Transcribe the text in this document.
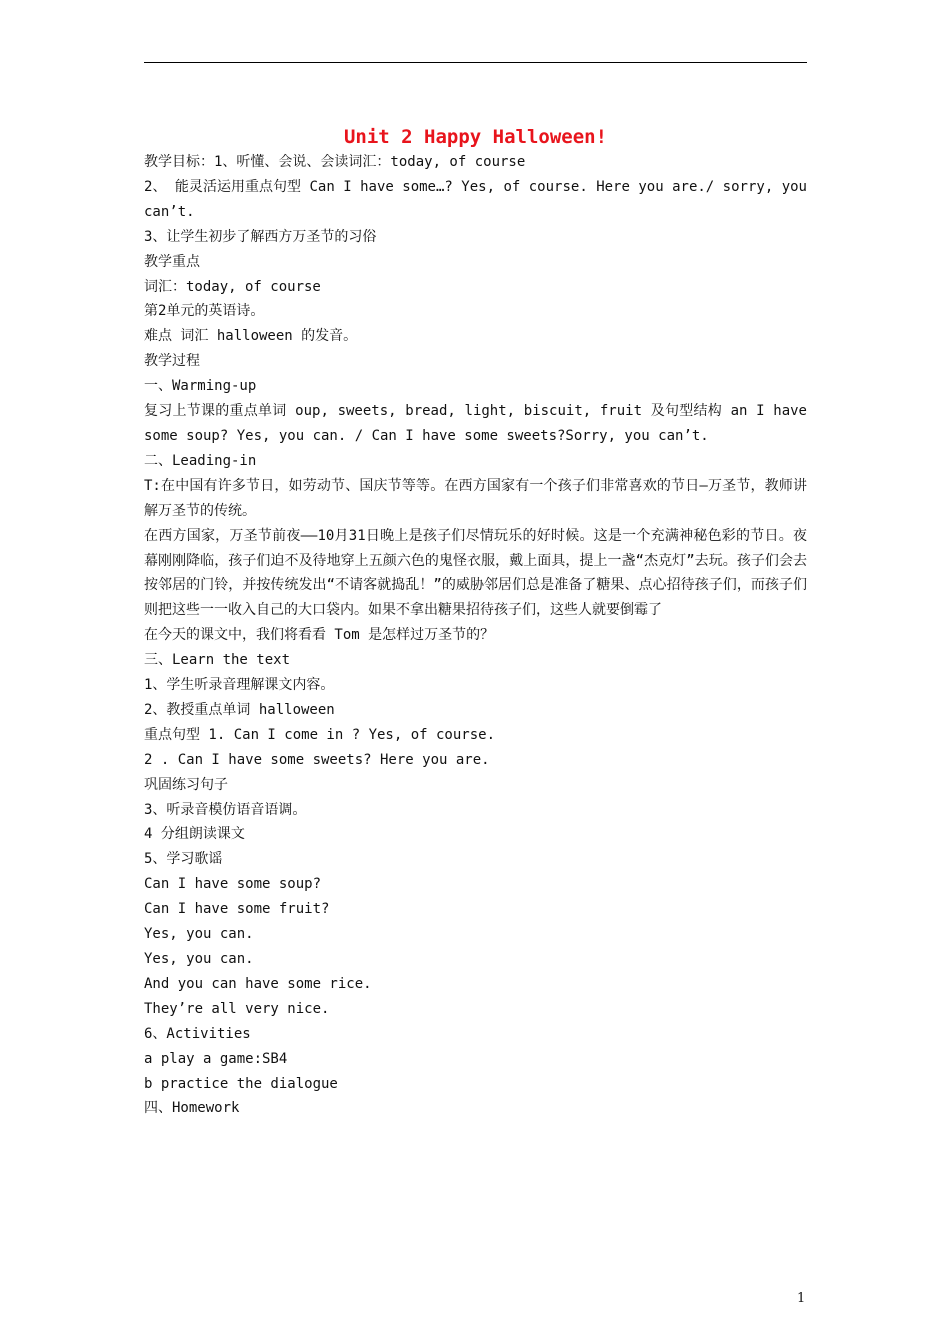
Unit 2 Happy Halloween!
教学目标：1、听懂、会说、会读词汇：today, of course
2、 能灵活运用重点句型 Can I have some…? Yes, of course. Here you are./ sorry, you can’t.
3、让学生初步了解西方万圣节的习俗
教学重点
词汇：today, of course
第2单元的英语诗。
难点 词汇 halloween 的发音。
教学过程
一、Warming-up
复习上节课的重点单词 oup, sweets, bread, light, biscuit, fruit 及句型结构 an I have some soup? Yes, you can. / Can I have some sweets?Sorry, you can’t.
二、Leading-in
T:在中国有许多节日，如劳动节、国庆节等等。在西方国家有一个孩子们非常喜欢的节日—万圣节，教师讲解万圣节的传统。
在西方国家，万圣节前夜——10月31日晚上是孩子们尽情玩乐的好时候。这是一个充满神秘色彩的节日。夜幕刚刚降临，孩子们迫不及待地穿上五颜六色的鬼怪衣服，戴上面具，提上一盏“杰克灯”去玩。孩子们会去按邻居的门铃，并按传统发出“不请客就捣乱！”的威胁邻居们总是准备了糖果、点心招待孩子们，而孩子们则把这些一一收入自己的大口袋内。如果不拿出糖果招待孩子们，这些人就要倒霉了
在今天的课文中，我们将看看 Tom 是怎样过万圣节的？
三、Learn the text
1、学生听录音理解课文内容。
2、教授重点单词 halloween
重点句型 1. Can I come in ? Yes, of course.
2 . Can I have some sweets? Here you are.
巩固练习句子
3、听录音模仿语音语调。
4 分组朗读课文
5、学习歌谣
Can I have some soup?
Can I have some fruit?
Yes, you can.
Yes, you can.
And you can have some rice.
They’re all very nice.
6、Activities
a play a game:SB4
b practice the dialogue
四、Homework
1
